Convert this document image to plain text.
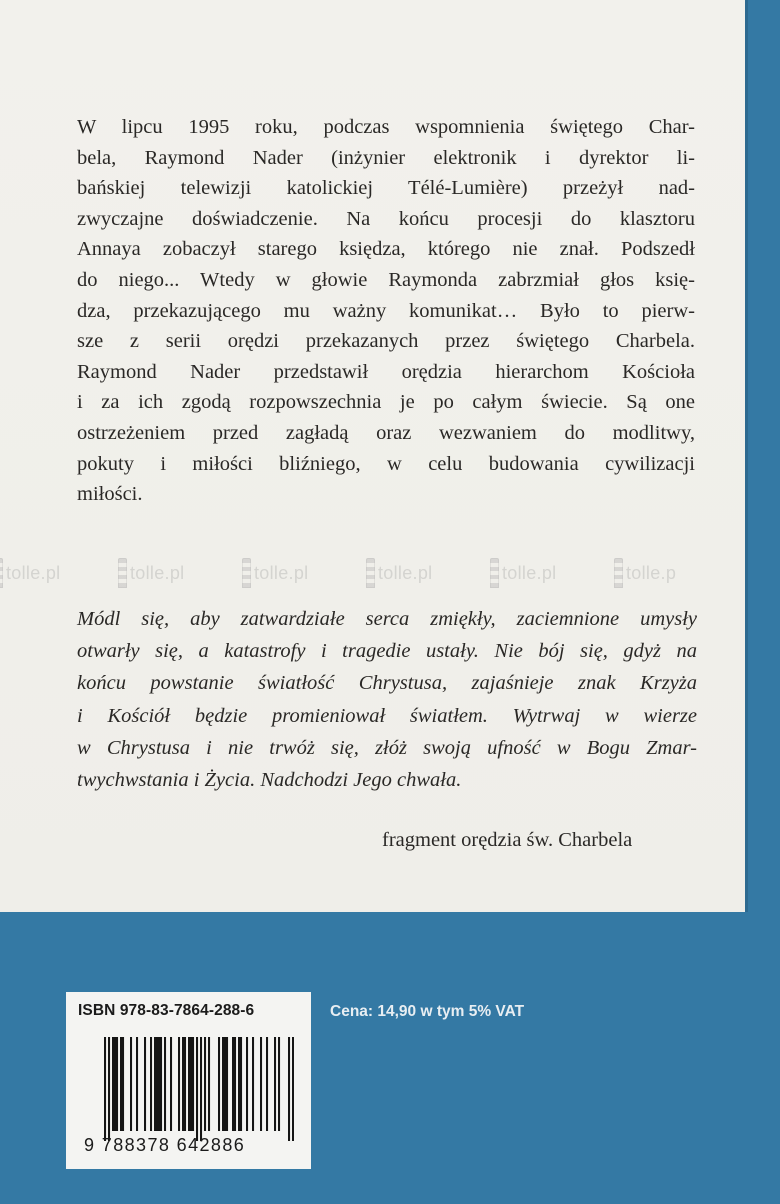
W lipcu 1995 roku, podczas wspomnienia świętego Char-
bela, Raymond Nader (inżynier elektronik i dyrektor li-
bańskiej telewizji katolickiej Télé-Lumière) przeżył nad-
zwyczajne doświadczenie. Na końcu procesji do klasztoru
Annaya zobaczył starego księdza, którego nie znał. Podszedł
do niego... Wtedy w głowie Raymonda zabrzmiał głos księ-
dza, przekazującego mu ważny komunikat… Było to pierw-
sze z serii orędzi przekazanych przez świętego Charbela.
Raymond Nader przedstawił orędzia hierarchom Kościoła
i za ich zgodą rozpowszechnia je po całym świecie. Są one
ostrzeżeniem przed zagładą oraz wezwaniem do modlitwy,
pokuty i miłości bliźniego, w celu budowania cywilizacji
miłości.
tolle.pl	tolle.pl	tolle.pl	tolle.pl	tolle.pl	tolle.p
Módl się, aby zatwardziałe serca zmiękły, zaciemnione umysły
otwarły się, a katastrofy i tragedie ustały. Nie bój się, gdyż na
końcu powstanie światłość Chrystusa, zajaśnieje znak Krzyża
i Kościół będzie promieniował światłem. Wytrwaj w wierze
w Chrystusa i nie trwóż się, złóż swoją ufność w Bogu Zmar-
twychwstania i Życia. Nadchodzi Jego chwała.
fragment orędzia św. Charbela
ISBN 978-83-7864-288-6
9 788378 642886
Cena: 14,90 w tym 5% VAT
